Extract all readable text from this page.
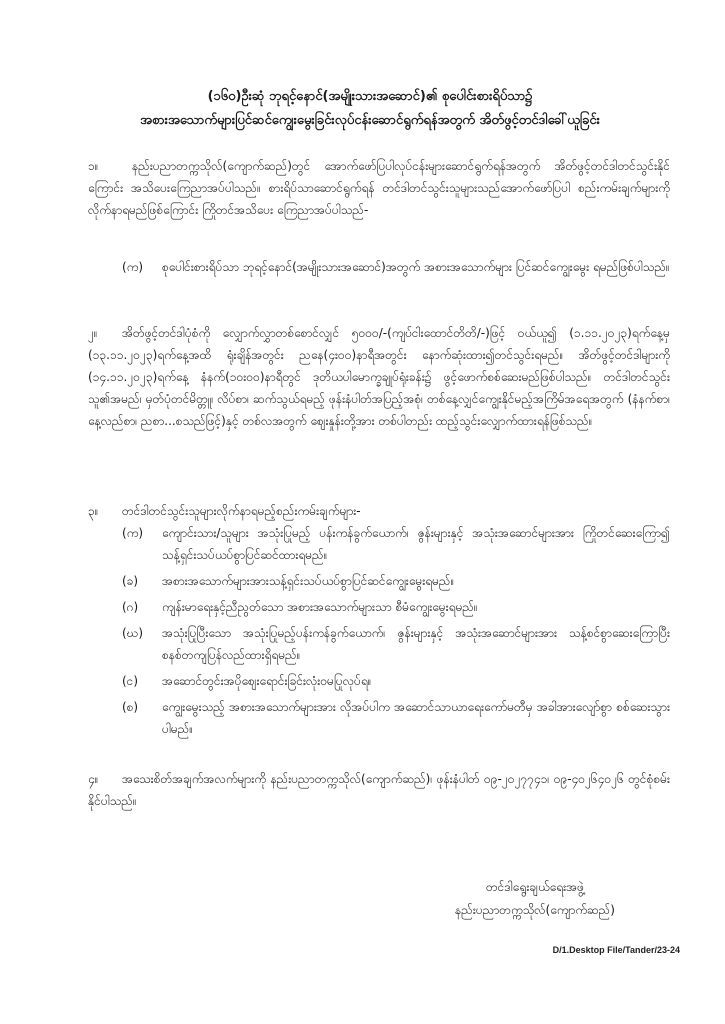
(၁၆၀)ဦးဆုံ ဘုရင့်နောင်(အမျိုးသားအဆောင်)၏ စုပေါင်းစားရိပ်သာ၌
အစားအသောက်များပြင်ဆင်ကျွေးမွေးခြင်းလုပ်ငန်းဆောင်ရွက်ရန်အတွက် အိတ်ဖွင့်တင်ဒါခေါ်ယူခြင်း
၁။	နည်းပညာတက္ကသိုလ်(ကျောက်ဆည်)တွင် အောက်ဖော်ပြပါလုပ်ငန်းများဆောင်ရွက်ရန်အတွက် အိတ်ဖွင့်တင်ဒါတင်သွင်းနိုင်ကြောင်း အသိပေးကြေညာအပ်ပါသည်။ စားရိပ်သာဆောင်ရွက်ရန် တင်ဒါတင်သွင်းသူများသည်အောက်ဖော်ပြပါ စည်းကမ်းချက်များကိုလိုက်နာရမည်ဖြစ်ကြောင်း ကြိုတင်အသိပေး ကြေညာအပ်ပါသည်-
(က) စုပေါင်းစားရိပ်သာ ဘုရင့်နောင်(အမျိုးသားအဆောင်)အတွက် အစားအသောက်များ ပြင်ဆင်ကျွေးမွေး ရမည်ဖြစ်ပါသည်။
၂။	အိတ်ဖွင့်တင်ဒါပုံစံကို လျှောက်လွှာတစ်စောင်လျှင် ၅၀၀၀/-(ကျပ်ငါးထောင်တိတိ/-)ဖြင့် ဝယ်ယူ၍ (၁.၁၁.၂၀၂၃)ရက်နေ့မှ (၁၃.၁၁.၂၀၂၃)ရက်နေ့အထိ ရုံးချိန်အတွင်း ညနေ(၄း၀၀)နာရီအတွင်း နောက်ဆုံးထား၍တင်သွင်းရမည်။ အိတ်ဖွင့်တင်ဒါများကို (၁၄.၁၁.၂၀၂၃)ရက်နေ့ နံနက်(၁၀း၀၀)နာရီတွင် ဒုတိယပါမောက္ခချုပ်ရုံးခန်း၌ ဖွင့်ဖောက်စစ်ဆေးမည်ဖြစ်ပါသည်။ တင်ဒါတင်သွင်းသူ၏အမည်၊ မှတ်ပုံတင်မိတ္တူ၊ လိပ်စာ၊ ဆက်သွယ်ရမည့် ဖုန်းနံပါတ်အပြည့်အစုံ၊ တစ်နေ့လျှင်ကျွေးနိုင်မည့်အကြိမ်အရေအတွက် (နံနက်စာ၊ နေ့လည်စာ၊ ညစာ...စသည်ဖြင့်)နှင့် တစ်လအတွက် ဈေးနှုန်းတို့အား တစ်ပါတည်း ထည့်သွင်းလျှောက်ထားရန်ဖြစ်သည်။
၃။ တင်ဒါတင်သွင်းသူများလိုက်နာရမည့်စည်းကမ်းချက်များ-
(က) ကျောင်းသား/သူများ အသုံးပြုမည့် ပန်းကန်ခွက်ယောက်၊ ဇွန်းများနှင့် အသုံးအဆောင်များအား ကြိုတင်ဆေးကြော၍ သန့်ရှင်းသပ်ယပ်စွာပြင်ဆင်ထားရမည်။
(ခ) အစားအသောက်များအားသန့်ရှင်းသပ်ယပ်စွာပြင်ဆင်ကျွေးမွေးရမည်။
(ဂ) ကျန်းမာရေးနှင့်ညီညွတ်သော အစားအသောက်များသာ စီမံကျွေးမွေးရမည်။
(ဃ) အသုံးပြုပြီးသော အသုံးပြုမည့်ပန်းကန်ခွက်ယောက်၊ ဇွန်းများနှင့် အသုံးအဆောင်များအား သန့်စင်စွာဆေးကြောပြီး စနစ်တကျပြန်လည်ထားရှိရမည်။
(င) အဆောင်တွင်းအပိုဈေးရောင်းခြင်းလုံးဝမပြုလုပ်ရ။
(စ) ကျွေးမွေးသည့် အစားအသောက်များအား လိုအပ်ပါက အဆောင်သာယာရေးကော်မတီမှ အခါအားလျော်စွာ စစ်ဆေးသွားပါမည်။
၄။	အသေးစိတ်အချက်အလက်များကို နည်းပညာတက္ကသိုလ်(ကျောက်ဆည်)၊ ဖုန်းနံပါတ် ၀၉-၂၀၂၇၇၄၁၊ ၀၉-၄၀၂၆၄၀၂၆ တွင်စုံစမ်းနိုင်ပါသည်။
တင်ဒါရွေးချယ်ရေးအဖွဲ့
နည်းပညာတက္ကသိုလ်(ကျောက်ဆည်)
D/1.Desktop File/Tander/23-24
